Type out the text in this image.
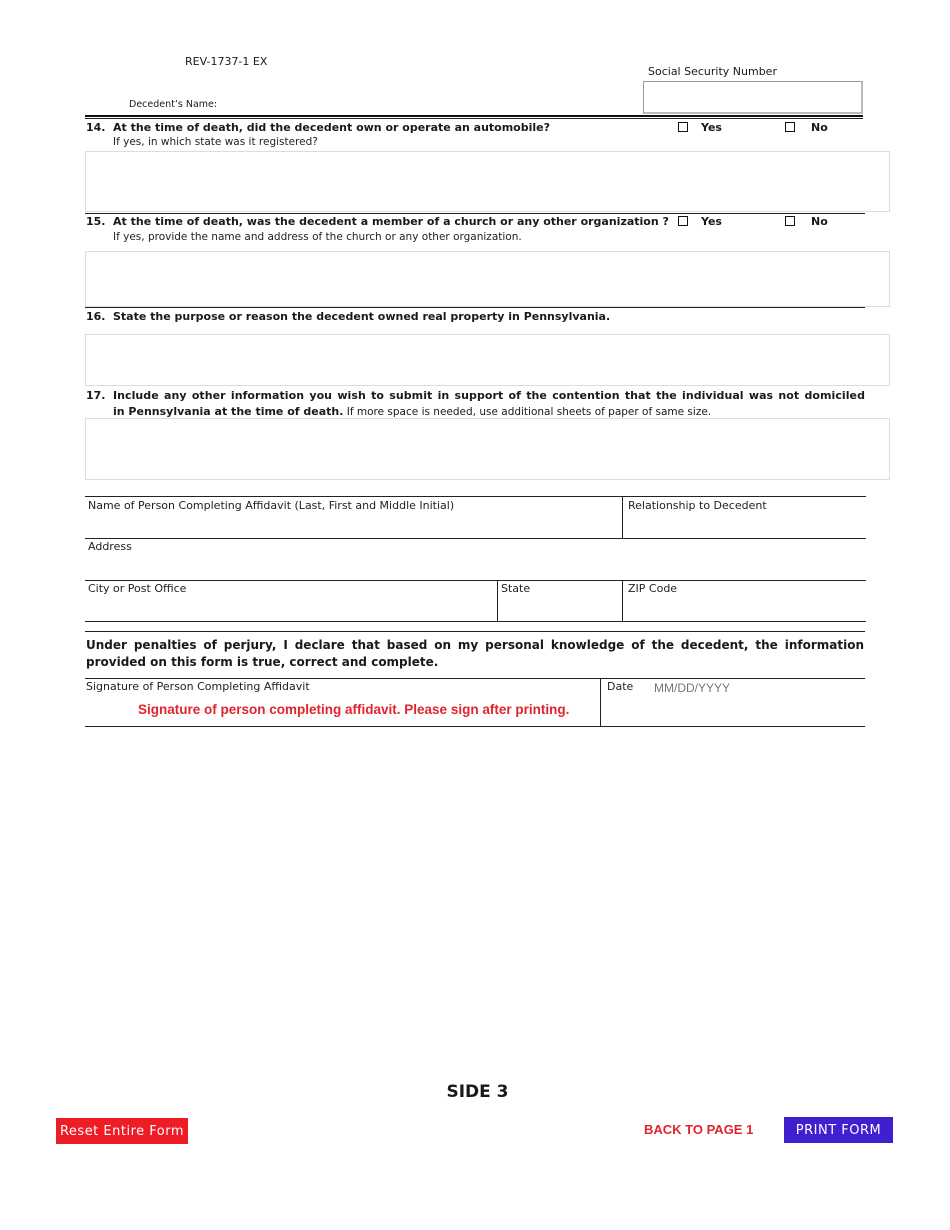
REV-1737-1 EX
Social Security Number
Decedent’s Name:
14. At the time of death, did the decedent own or operate an automobile?
If yes, in which state was it registered?
Yes	No
15. At the time of death, was the decedent a member of a church or any other organization ?
If yes, provide the name and address of the church or any other organization.
Yes	No
16. State the purpose or reason the decedent owned real property in Pennsylvania.
17. Include any other information you wish to submit in support of the contention that the individual was not domiciled
in Pennsylvania at the time of death. If more space is needed, use additional sheets of paper of same size.
Name of Person Completing Affidavit (Last, First and Middle Initial)	Relationship to Decedent
Address
City or Post Office	State	ZIP Code
Under penalties of perjury, I declare that based on my personal knowledge of the decedent, the information provided on this form is true, correct and complete.
Signature of Person Completing Affidavit
Signature of person completing affidavit. Please sign after printing.
Date
MM/DD/YYYY
SIDE 3
Reset Entire Form	BACK TO PAGE 1	PRINT FORM
